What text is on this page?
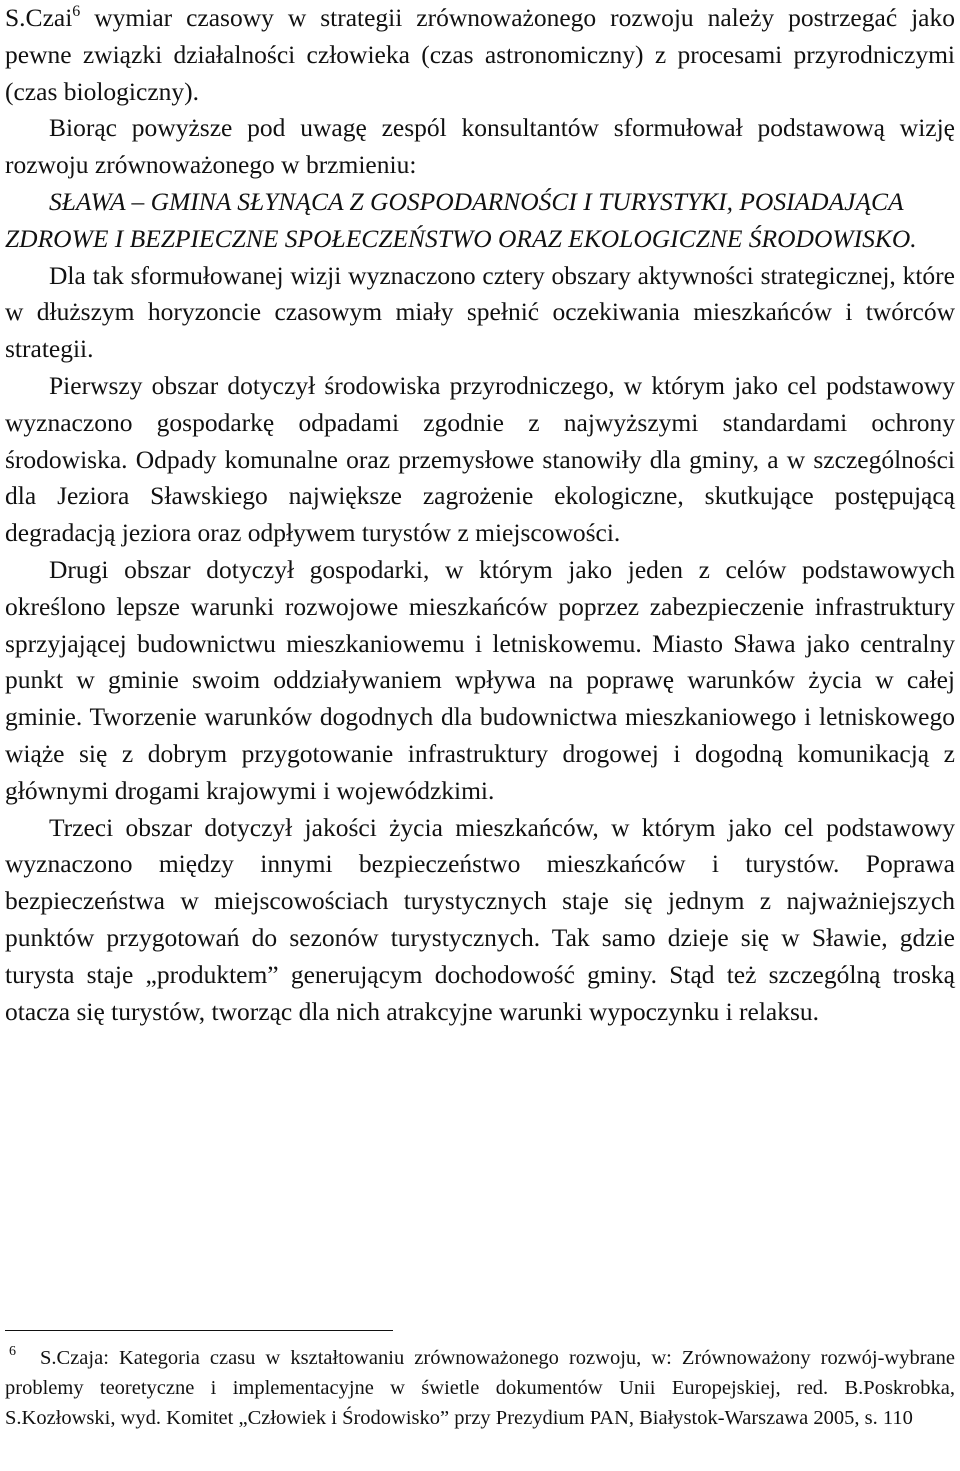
S.Czai$^6$ wymiar czasowy w strategii zrównoważonego rozwoju należy postrzegać jako pewne związki działalności człowieka (czas astronomiczny) z procesami przyrodniczymi (czas biologiczny).

Biorąc powyższe pod uwagę zespól konsultantów sformułował podstawową wizję rozwoju zrównoważonego w brzmieniu:

SŁAWA – GMINA SŁYNĄCA Z GOSPODARNOŚCI I TURYSTYKI, POSIADAJĄCA ZDROWE I BEZPIECZNE SPOŁECZEŃSTWO ORAZ EKOLOGICZNE ŚRODOWISKO.

Dla tak sformułowanej wizji wyznaczono cztery obszary aktywności strategicznej, które w dłuższym horyzoncie czasowym miały spełnić oczekiwania mieszkańców i twórców strategii.

Pierwszy obszar dotyczył środowiska przyrodniczego, w którym jako cel podstawowy wyznaczono gospodarkę odpadami zgodnie z najwyższymi standardami ochrony środowiska. Odpady komunalne oraz przemysłowe stanowiły dla gminy, a w szczególności dla Jeziora Sławskiego największe zagrożenie ekologiczne, skutkujące postępującą degradacją jeziora oraz odpływem turystów z miejscowości.

Drugi obszar dotyczył gospodarki, w którym jako jeden z celów podstawowych określono lepsze warunki rozwojowe mieszkańców poprzez zabezpieczenie infrastruktury sprzyjającej budownictwu mieszkaniowemu i letniskowemu. Miasto Sława jako centralny punkt w gminie swoim oddziaływaniem wpływa na poprawę warunków życia w całej gminie. Tworzenie warunków dogodnych dla budownictwa mieszkaniowego i letniskowego wiąże się z dobrym przygotowanie infrastruktury drogowej i dogodną komunikacją z głównymi drogami krajowymi i wojewódzkimi.

Trzeci obszar dotyczył jakości życia mieszkańców, w którym jako cel podstawowy wyznaczono między innymi bezpieczeństwo mieszkańców i turystów. Poprawa bezpieczeństwa w miejscowościach turystycznych staje się jednym z najważniejszych punktów przygotowań do sezonów turystycznych. Tak samo dzieje się w Sławie, gdzie turysta staje „produktem” generującym dochodowość gminy. Stąd też szczególną troską otacza się turystów, tworząc dla nich atrakcyjne warunki wypoczynku i relaksu.

$^6$ S.Czaja: Kategoria czasu w kształtowaniu zrównoważonego rozwoju, w: Zrównoważony rozwój-wybrane problemy teoretyczne i implementacyjne w świetle dokumentów Unii Europejskiej, red. B.Poskrobka, S.Kozłowski, wyd. Komitet „Człowiek i Środowisko” przy Prezydium PAN, Białystok-Warszawa 2005, s. 110
